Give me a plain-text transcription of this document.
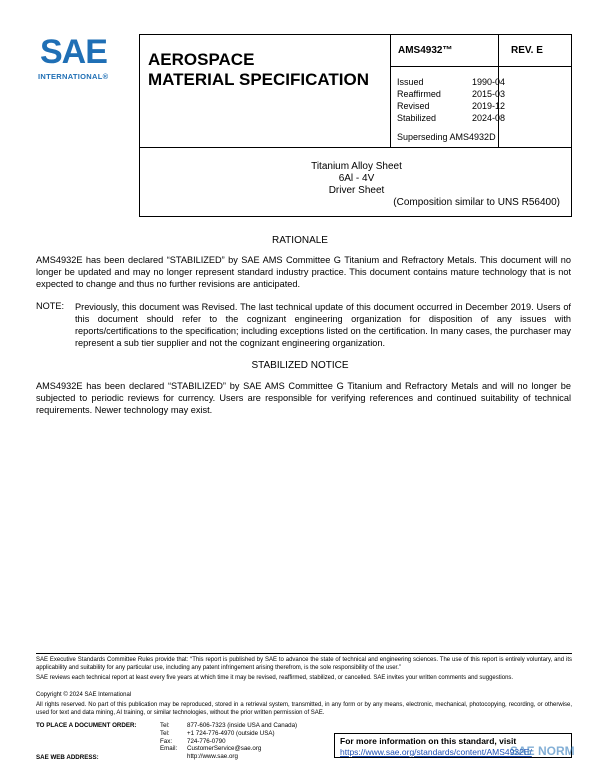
SAE
INTERNATIONAL®
AEROSPACE
MATERIAL SPECIFICATION
AMS4932™	REV. E
Issued	1990-04
Reaffirmed	2015-03
Revised	2019-12
Stabilized	2024-08
Superseding AMS4932D
Titanium Alloy Sheet
6Al - 4V
Driver Sheet
(Composition similar to UNS R56400)
RATIONALE
AMS4932E has been declared “STABILIZED” by SAE AMS Committee G Titanium and Refractory Metals. This document will no longer be updated and may no longer represent standard industry practice. This document contains mature technology that is not expected to change and thus no further revisions are anticipated.
NOTE: Previously, this document was Revised. The last technical update of this document occurred in December 2019. Users of this document should refer to the cognizant engineering organization for disposition of any issues with reports/certifications to the specification; including exceptions listed on the certification. In many cases, the purchaser may represent a sub tier supplier and not the cognizant engineering organization.
STABILIZED NOTICE
AMS4932E has been declared “STABILIZED” by SAE AMS Committee G Titanium and Refractory Metals and will no longer be subjected to periodic reviews for currency. Users are responsible for verifying references and continued suitability of technical requirements. Newer technology may exist.
SAE Executive Standards Committee Rules provide that: “This report is published by SAE to advance the state of technical and engineering sciences. The use of this report is entirely voluntary, and its applicability and suitability for any particular use, including any patent infringement arising therefrom, is the sole responsibility of the user.”
SAE reviews each technical report at least every five years at which time it may be revised, reaffirmed, stabilized, or cancelled. SAE invites your written comments and suggestions.
Copyright © 2024 SAE International
All rights reserved. No part of this publication may be reproduced, stored in a retrieval system, transmitted, in any form or by any means, electronic, mechanical, photocopying, recording, or otherwise, used for text and data mining, AI training, or similar technologies, without the prior written permission of SAE.
TO PLACE A DOCUMENT ORDER:
SAE WEB ADDRESS:
Tel:	877-606-7323 (inside USA and Canada)
Tel:	+1 724-776-4970 (outside USA)
Fax: 724-776-0790
Email: CustomerService@sae.org
http://www.sae.org
For more information on this standard, visit
https://www.sae.org/standards/content/AMS4932E/
SAE NORM
